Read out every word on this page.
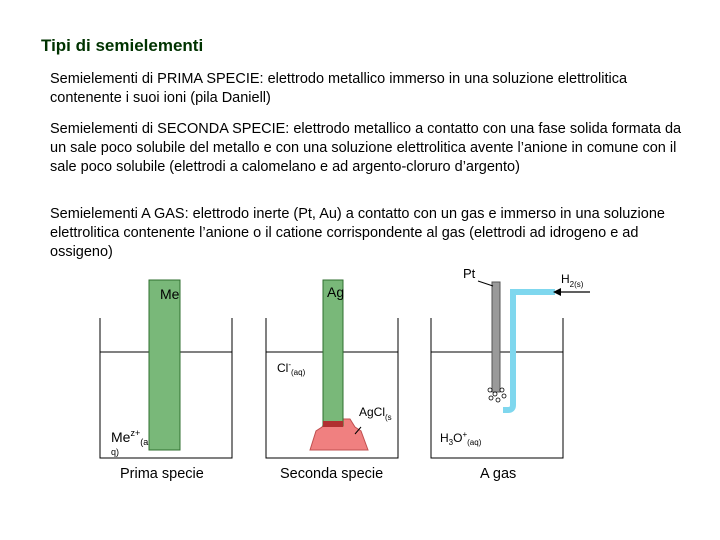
Tipi di semielementi
Semielementi di PRIMA SPECIE: elettrodo metallico immerso in una soluzione elettrolitica contenente i suoi ioni (pila Daniell)
Semielementi di SECONDA SPECIE: elettrodo metallico a contatto con una fase solida formata da un sale poco solubile del metallo e con una soluzione elettrolitica avente l’anione in comune con il sale poco solubile (elettrodi a calomelano e ad argento-cloruro d’argento)
Semielementi A GAS: elettrodo inerte (Pt, Au) a contatto con un gas e immerso in una soluzione elettrolitica contenente l’anione o il catione corrispondente al gas (elettrodi ad idrogeno e ad ossigeno)
Me
$Me^{z+}_{(a}$
q)
Prima specie
Ag
$Cl^-_{(aq)}$
AgCl$_{(s}$
Seconda specie
Pt	$H_{2(s)}$
$H_3O^+_{(aq)}$
A gas
